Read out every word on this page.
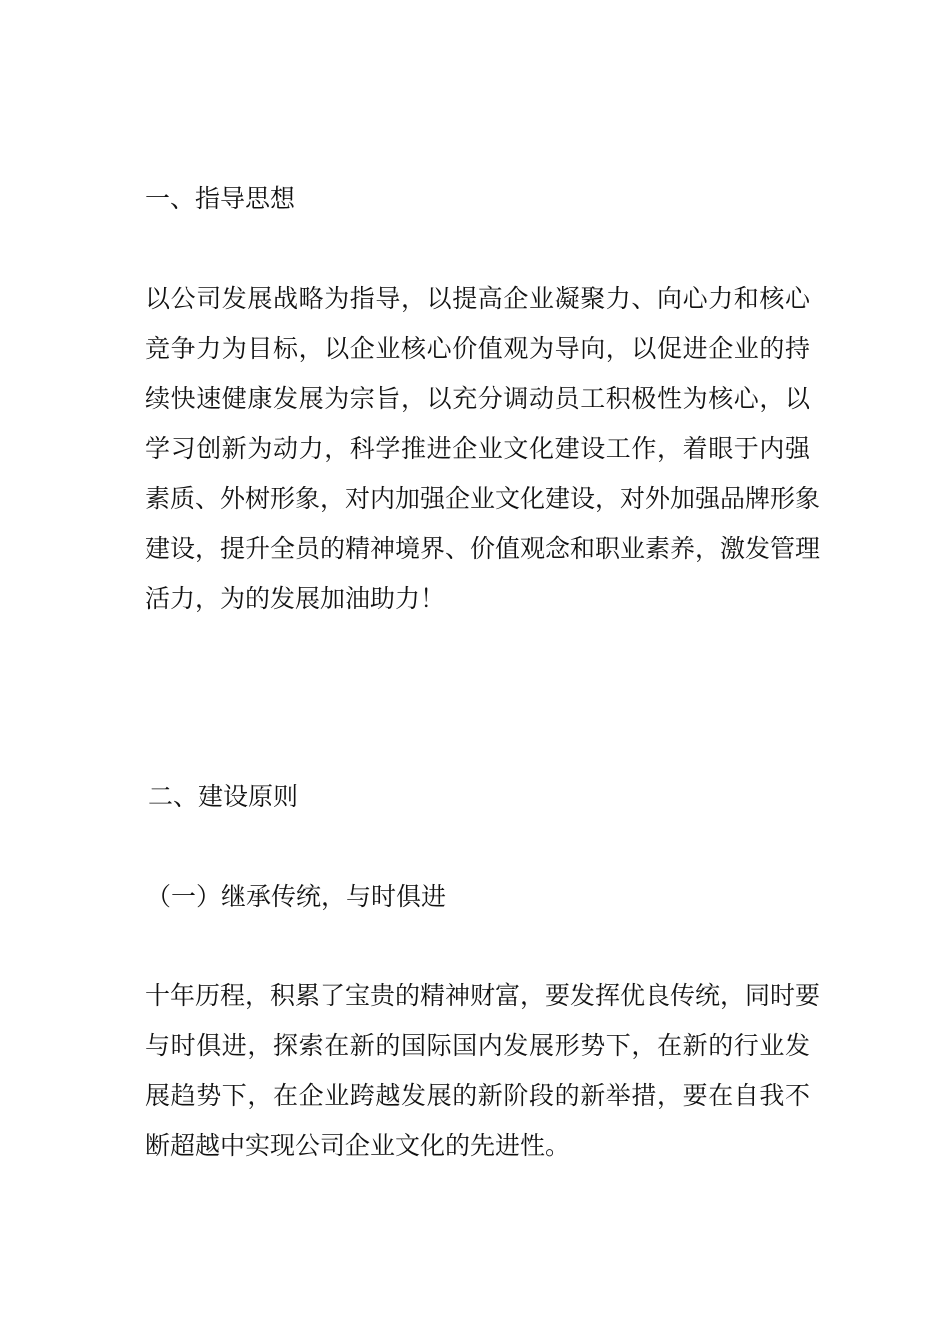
一、指导思想
以公司发展战略为指导，以提高企业凝聚力、向心力和核心
竞争力为目标，以企业核心价值观为导向，以促进企业的持
续快速健康发展为宗旨，以充分调动员工积极性为核心，以
学习创新为动力，科学推进企业文化建设工作，着眼于内强
素质、外树形象，对内加强企业文化建设，对外加强品牌形象
建设，提升全员的精神境界、价值观念和职业素养，激发管理
活力，为的发展加油助力！
二、建设原则
（一）继承传统，与时俱进
十年历程，积累了宝贵的精神财富，要发挥优良传统，同时要
与时俱进，探索在新的国际国内发展形势下，在新的行业发
展趋势下，在企业跨越发展的新阶段的新举措，要在自我不
断超越中实现公司企业文化的先进性。
